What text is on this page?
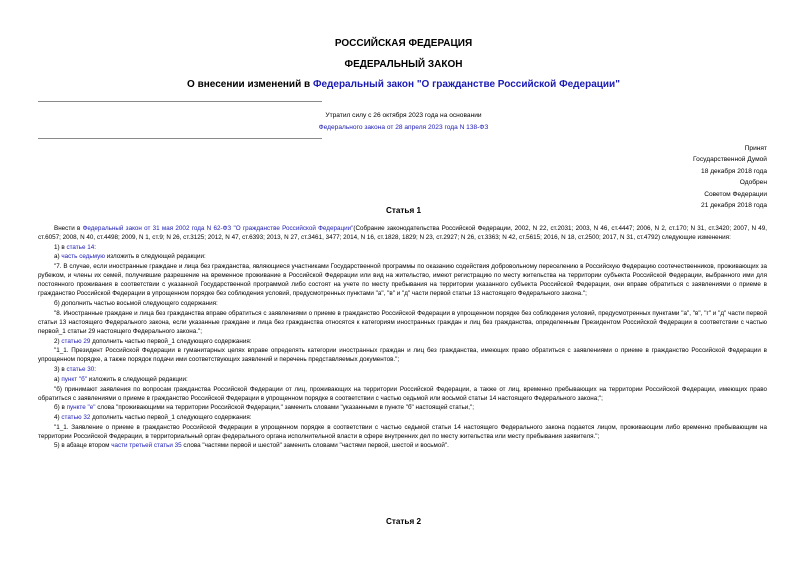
РОССИЙСКАЯ ФЕДЕРАЦИЯ
ФЕДЕРАЛЬНЫЙ ЗАКОН
О внесении изменений в Федеральный закон "О гражданстве Российской Федерации"
Утратил силу с 26 октября 2023 года на основании
Федерального закона от 28 апреля 2023 года N 138-ФЗ
Принят
Государственной Думой
18 декабря 2018 года
Одобрен
Советом Федерации
21 декабря 2018 года
Статья 1

Внести в Федеральный закон от 31 мая 2002 года N 62-ФЗ "О гражданстве Российской Федерации"(Собрание законодательства Российской Федерации, 2002, N 22, ст.2031; 2003, N 46, ст.4447; 2006, N 2, ст.170; N 31, ст.3420; 2007, N 49, ст.6057; 2008, N 40, ст.4498; 2009, N 1, ст.9; N 26, ст.3125; 2012, N 47, ст.6393; 2013, N 27, ст.3461, 3477; 2014, N 16, ст.1828, 1829; N 23, ст.2927; N 26, ст.3363; N 42, ст.5615; 2016, N 18, ст.2500; 2017, N 31, ст.4792) следующие изменения:

1) в статье 14:

а) часть седьмую изложить в следующей редакции:

"7. В случае, если иностранные граждане и лица без гражданства, являющиеся участниками Государственной программы по оказанию содействия добровольному переселению в Российскую Федерацию соотечественников, проживающих за рубежом, и члены их семей, получившие разрешение на временное проживание в Российской Федерации или вид на жительство, имеют регистрацию по месту жительства на территории субъекта Российской Федерации, выбранного ими для постоянного проживания в соответствии с указанной Государственной программой либо состоят на учете по месту пребывания на территории указанного субъекта Российской Федерации, они вправе обратиться с заявлениями о приеме в гражданство Российской Федерации в упрощенном порядке без соблюдения условий, предусмотренных пунктами "а", "в" и "д" части первой статьи 13 настоящего Федерального закона.";

б) дополнить частью восьмой следующего содержания:

"8. Иностранные граждане и лица без гражданства вправе обратиться с заявлениями о приеме в гражданство Российской Федерации в упрощенном порядке без соблюдения условий, предусмотренных пунктами "а", "в", "г" и "д" части первой статьи 13 настоящего Федерального закона, если указанные граждане и лица без гражданства относятся к категориям иностранных граждан и лиц без гражданства, определенным Президентом Российской Федерации в соответствии с частью первой_1 статьи 29 настоящего Федерального закона.";

2) статью 29 дополнить частью первой_1 следующего содержания:

"1_1. Президент Российской Федерации в гуманитарных целях вправе определять категории иностранных граждан и лиц без гражданства, имеющих право обратиться с заявлениями о приеме в гражданство Российской Федерации в упрощенном порядке, а также порядок подачи ими соответствующих заявлений и перечень представляемых документов.";

3) в статье 30:

а) пункт "б" изложить в следующей редакции:

"б) принимают заявления по вопросам гражданства Российской Федерации от лиц, проживающих на территории Российской Федерации, а также от лиц, временно пребывающих на территории Российской Федерации, имеющих право обратиться с заявлениями о приеме в гражданство Российской Федерации в упрощенном порядке в соответствии с частью седьмой или восьмой статьи 14 настоящего Федерального закона;";

б) в пункте "е" слова "проживающими на территории Российской Федерации," заменить словами "указанными в пункте "б" настоящей статьи,";

4) статью 32 дополнить частью первой_1 следующего содержания:

"1_1. Заявление о приеме в гражданство Российской Федерации в упрощенном порядке в соответствии с частью седьмой статьи 14 настоящего Федерального закона подается лицом, проживающим либо временно пребывающим на территории Российской Федерации, в территориальный орган федерального органа исполнительной власти в сфере внутренних дел по месту жительства или месту пребывания заявителя.";

5) в абзаце втором части третьей статьи 35 слова "частями первой и шестой" заменить словами "частями первой, шестой и восьмой".

Статья 2
